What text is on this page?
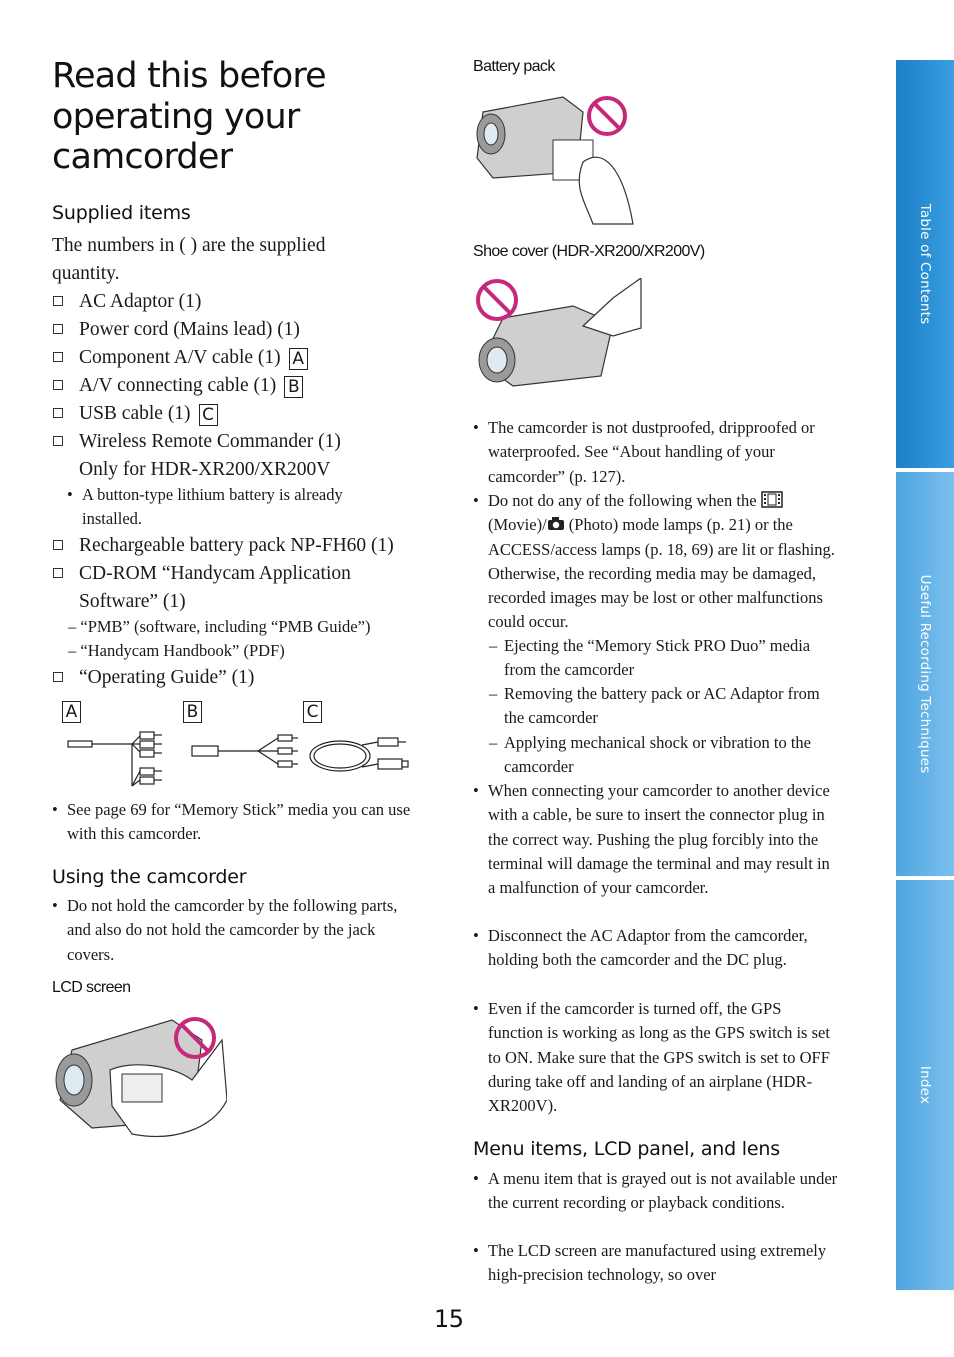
Read this before operating your camcorder
Supplied items
The numbers in ( ) are the supplied quantity.
AC Adaptor (1)
Power cord (Mains lead) (1)
Component A/V cable (1) A
A/V connecting cable (1) B
USB cable (1) C
Wireless Remote Commander (1)
Only for HDR-XR200/XR200V
• A button-type lithium battery is already installed.
Rechargeable battery pack NP-FH60 (1)
CD-ROM “Handycam Application Software” (1)
– “PMB” (software, including “PMB Guide”)
– “Handycam Handbook” (PDF)
“Operating Guide” (1)
A	B	C
• See page 69 for “Memory Stick” media you can use with this camcorder.
Using the camcorder
• Do not hold the camcorder by the following parts, and also do not hold the camcorder by the jack covers.
LCD screen
Battery pack
Shoe cover (HDR-XR200/XR200V)
• The camcorder is not dustproofed, dripproofed or waterproofed. See “About handling of your camcorder” (p. 127).
• Do not do any of the following when the
(Movie)/ (Photo) mode lamps (p. 21) or the ACCESS/access lamps (p. 18, 69) are lit or flashing. Otherwise, the recording media may be damaged, recorded images may be lost or other malfunctions could occur.
– Ejecting the “Memory Stick PRO Duo” media from the camcorder
– Removing the battery pack or AC Adaptor from the camcorder
– Applying mechanical shock or vibration to the camcorder
• When connecting your camcorder to another device with a cable, be sure to insert the connector plug in the correct way. Pushing the plug forcibly into the terminal will damage the terminal and may result in a malfunction of your camcorder.
• Disconnect the AC Adaptor from the camcorder, holding both the camcorder and the DC plug.
• Even if the camcorder is turned off, the GPS function is working as long as the GPS switch is set to ON. Make sure that the GPS switch is set to OFF during take off and landing of an airplane (HDR-XR200V).
Menu items, LCD panel, and lens
• A menu item that is grayed out is not available under the current recording or playback conditions.
• The LCD screen are manufactured using extremely high-precision technology, so over
Table of Contents
Useful Recording Techniques
Index
15
